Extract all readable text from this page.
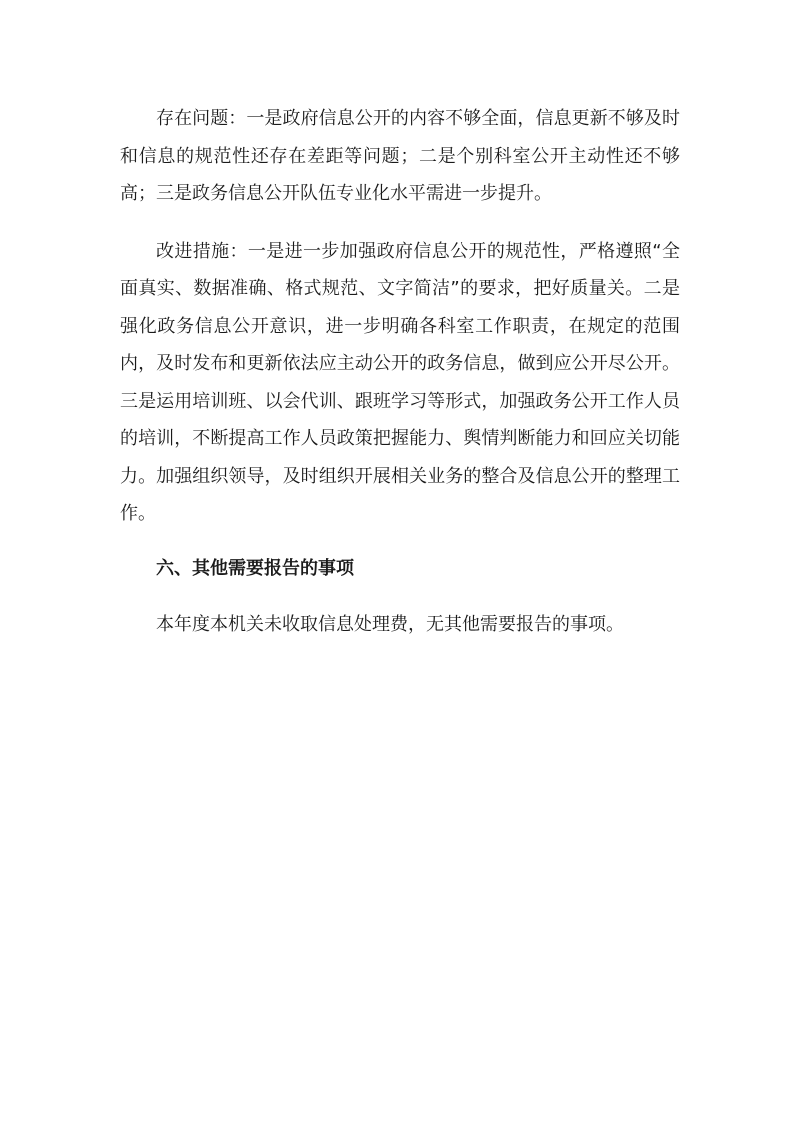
存在问题：一是政府信息公开的内容不够全面，信息更新不够及时和信息的规范性还存在差距等问题；二是个别科室公开主动性还不够高；三是政务信息公开队伍专业化水平需进一步提升。

改进措施：一是进一步加强政府信息公开的规范性，严格遵照“全面真实、数据准确、格式规范、文字简洁”的要求，把好质量关。二是强化政务信息公开意识，进一步明确各科室工作职责，在规定的范围内，及时发布和更新依法应主动公开的政务信息，做到应公开尽公开。三是运用培训班、以会代训、跟班学习等形式，加强政务公开工作人员的培训，不断提高工作人员政策把握能力、舆情判断能力和回应关切能力。加强组织领导，及时组织开展相关业务的整合及信息公开的整理工作。

六、其他需要报告的事项

本年度本机关未收取信息处理费，无其他需要报告的事项。
